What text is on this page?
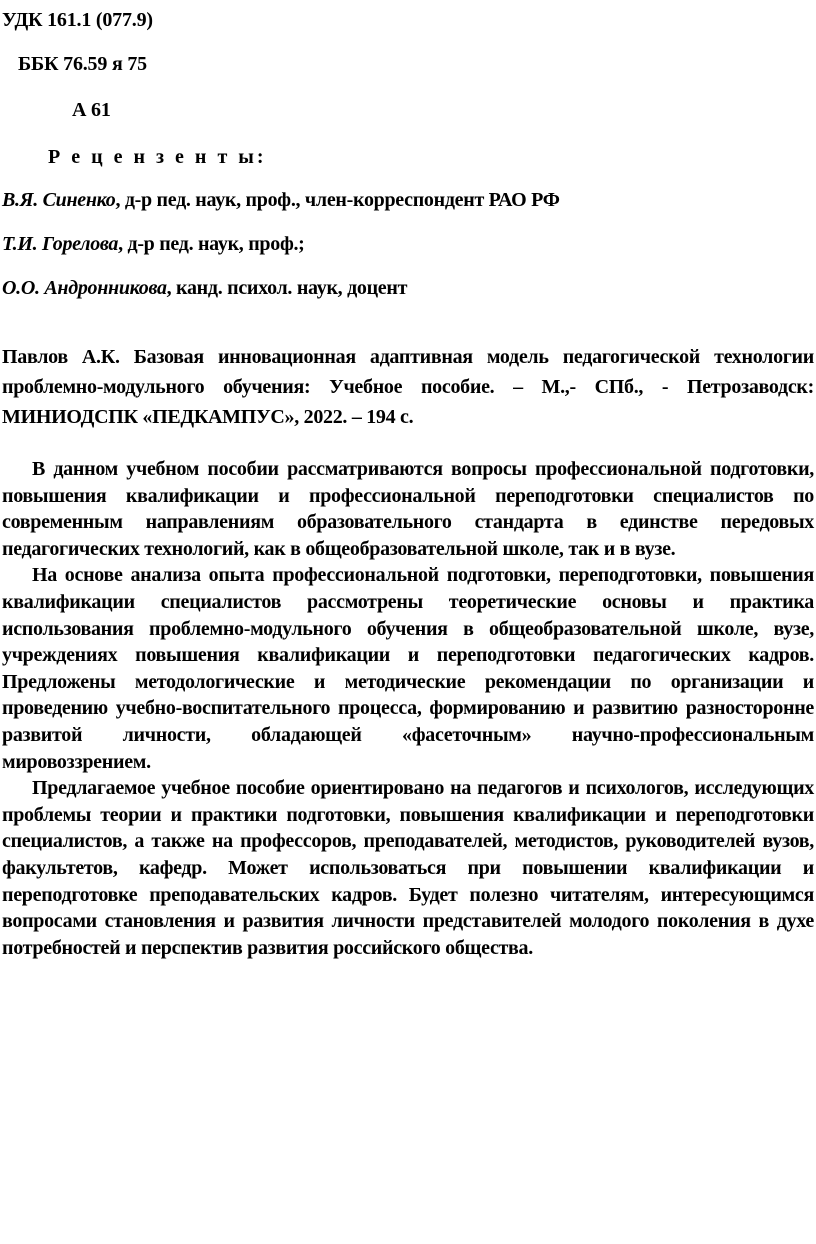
УДК 161.1 (077.9)
ББК 76.59 я 75
А 61
Р е ц е н з е н т ы:
В.Я. Синенко, д-р пед. наук, проф., член-корреспондент РАО РФ
Т.И. Горелова, д-р пед. наук, проф.;
О.О. Андронникова, канд. психол. наук, доцент
Павлов А.К. Базовая инновационная адаптивная модель педагогической технологии проблемно-модульного обучения: Учебное пособие. – М.,- СПб., - Петрозаводск: МИНИОДСПК «ПЕДКАМПУС», 2022. – 194 с.

В данном учебном пособии рассматриваются вопросы профессиональной подготовки, повышения квалификации и профессиональной переподготовки специалистов по современным направлениям образовательного стандарта в единстве передовых педагогических технологий, как в общеобразовательной школе, так и в вузе.

На основе анализа опыта профессиональной подготовки, переподготовки, повышения квалификации специалистов рассмотрены теоретические основы и практика использования проблемно-модульного обучения в общеобразовательной школе, вузе, учреждениях повышения квалификации и переподготовки педагогических кадров. Предложены методологические и методические рекомендации по организации и проведению учебно-воспитательного процесса, формированию и развитию разносторонне развитой личности, обладающей «фасеточным» научно-профессиональным мировоззрением.

Предлагаемое учебное пособие ориентировано на педагогов и психологов, исследующих проблемы теории и практики подготовки, повышения квалификации и переподготовки специалистов, а также на профессоров, преподавателей, методистов, руководителей вузов, факультетов, кафедр. Может использоваться при повышении квалификации и переподготовке преподавательских кадров. Будет полезно читателям, интересующимся вопросами становления и развития личности представителей молодого поколения в духе потребностей и перспектив развития российского общества.
